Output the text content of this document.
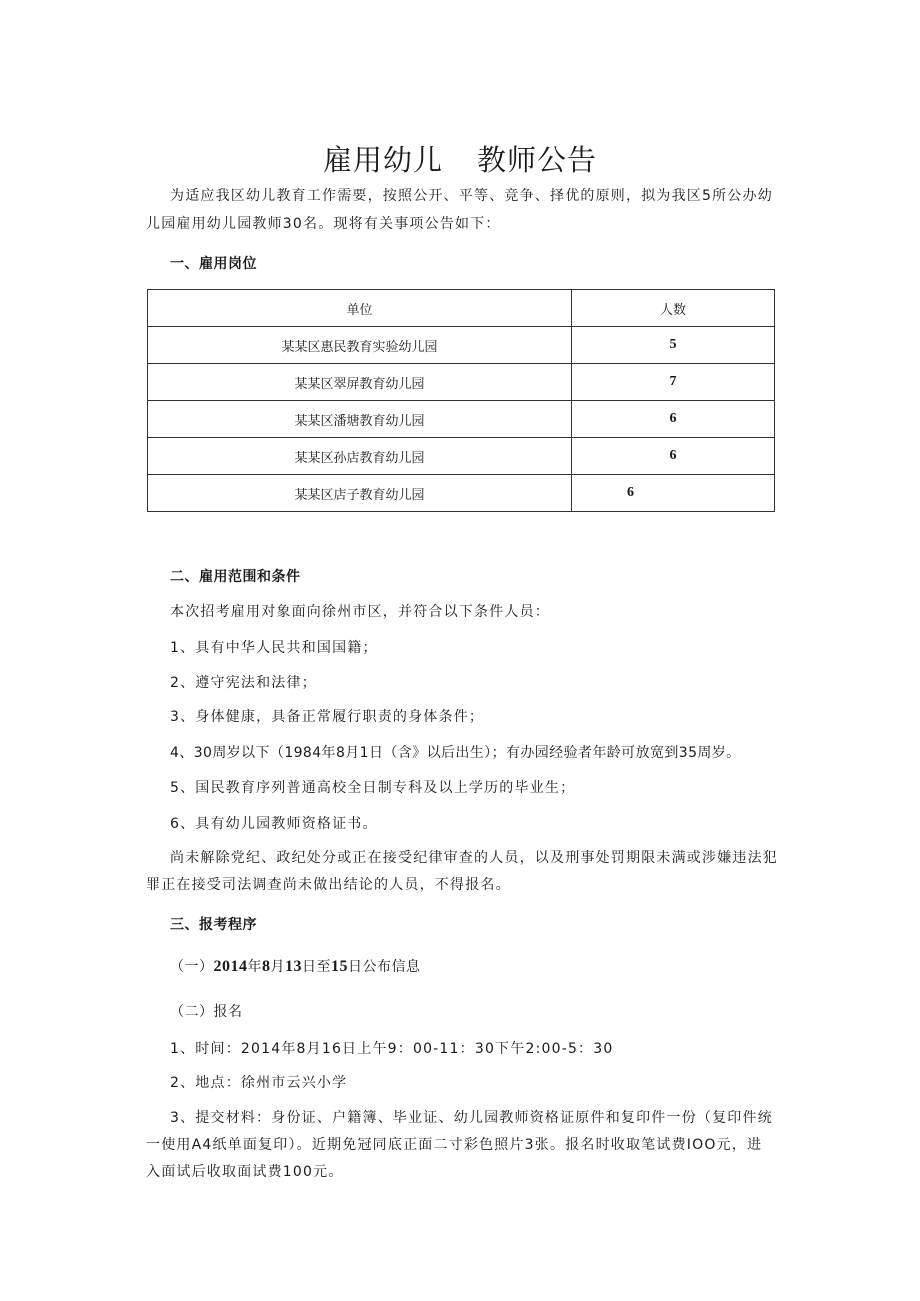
雇用幼儿 教师公告
为适应我区幼儿教育工作需要，按照公开、平等、竞争、择优的原则，拟为我区5所公办幼
儿园雇用幼儿园教师30名。现将有关事项公告如下：
一、雇用岗位
单位	人数
某某区惠民教育实验幼儿园	5
某某区翠屏教育幼儿园	7
某某区潘塘教育幼儿园	6
某某区孙店教育幼儿园	6
某某区店子教育幼儿园	6
二、雇用范围和条件
本次招考雇用对象面向徐州市区，并符合以下条件人员：
1、具有中华人民共和国国籍；
2、遵守宪法和法律；
3、身体健康，具备正常履行职责的身体条件；
4、30周岁以下（1984年8月1日（含》以后出生）；有办园经验者年龄可放宽到35周岁。
5、国民教育序列普通高校全日制专科及以上学历的毕业生；
6、具有幼儿园教师资格证书。
尚未解除党纪、政纪处分或正在接受纪律审查的人员，以及刑事处罚期限未满或涉嫌违法犯
罪正在接受司法调查尚未做出结论的人员，不得报名。
三、报考程序
（一）2014年8月13日至15日公布信息
（二）报名
1、时间：2014年8月16日上午9：00-11：30下午2:00-5：30
2、地点：徐州市云兴小学
3、提交材料：身份证、户籍簿、毕业证、幼儿园教师资格证原件和复印件一份（复印件统
一使用A4纸单面复印）。近期免冠同底正面二寸彩色照片3张。报名时收取笔试费IOO元，进
入面试后收取面试费100元。
